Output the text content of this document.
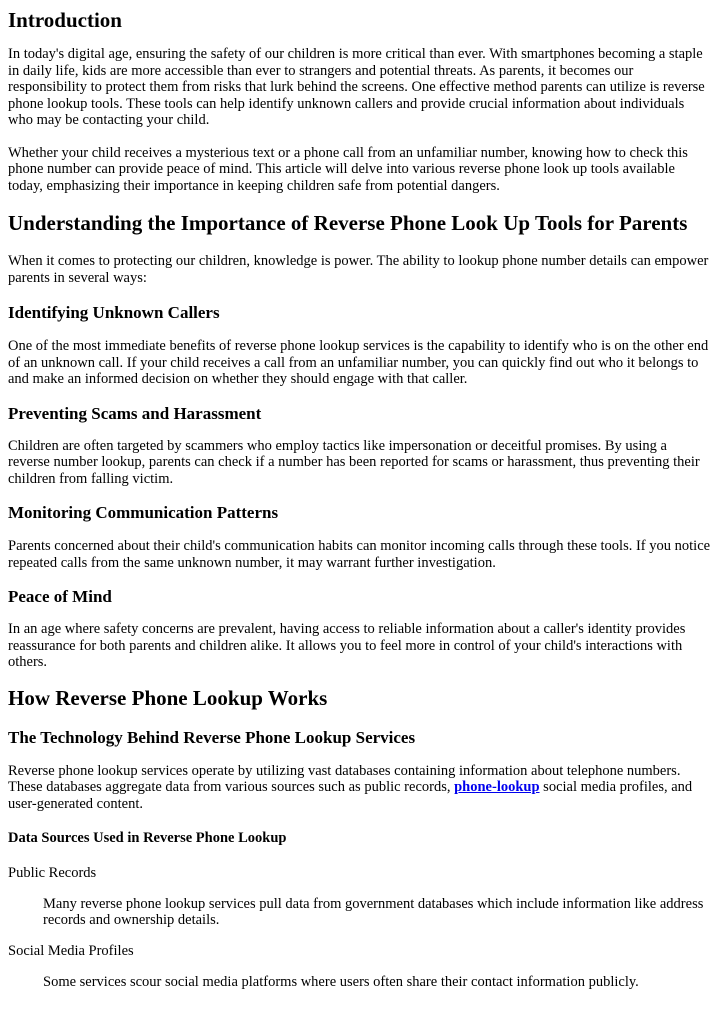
Introduction

In today's digital age, ensuring the safety of our children is more critical than ever. With smartphones becoming a staple in daily life, kids are more accessible than ever to strangers and potential threats. As parents, it becomes our responsibility to protect them from risks that lurk behind the screens. One effective method parents can utilize is reverse phone lookup tools. These tools can help identify unknown callers and provide crucial information about individuals who may be contacting your child.

Whether your child receives a mysterious text or a phone call from an unfamiliar number, knowing how to check this phone number can provide peace of mind. This article will delve into various reverse phone look up tools available today, emphasizing their importance in keeping children safe from potential dangers.

Understanding the Importance of Reverse Phone Look Up Tools for Parents

When it comes to protecting our children, knowledge is power. The ability to lookup phone number details can empower parents in several ways:

Identifying Unknown Callers

One of the most immediate benefits of reverse phone lookup services is the capability to identify who is on the other end of an unknown call. If your child receives a call from an unfamiliar number, you can quickly find out who it belongs to and make an informed decision on whether they should engage with that caller.

Preventing Scams and Harassment

Children are often targeted by scammers who employ tactics like impersonation or deceitful promises. By using a reverse number lookup, parents can check if a number has been reported for scams or harassment, thus preventing their children from falling victim.

Monitoring Communication Patterns

Parents concerned about their child's communication habits can monitor incoming calls through these tools. If you notice repeated calls from the same unknown number, it may warrant further investigation.

Peace of Mind

In an age where safety concerns are prevalent, having access to reliable information about a caller's identity provides reassurance for both parents and children alike. It allows you to feel more in control of your child's interactions with others.

How Reverse Phone Lookup Works
The Technology Behind Reverse Phone Lookup Services

Reverse phone lookup services operate by utilizing vast databases containing information about telephone numbers. These databases aggregate data from various sources such as public records, phone-lookup social media profiles, and user-generated content.

Data Sources Used in Reverse Phone Lookup
Public Records
Many reverse phone lookup services pull data from government databases which include information like address records and ownership details.
Social Media Profiles
Some services scour social media platforms where users often share their contact information publicly.
